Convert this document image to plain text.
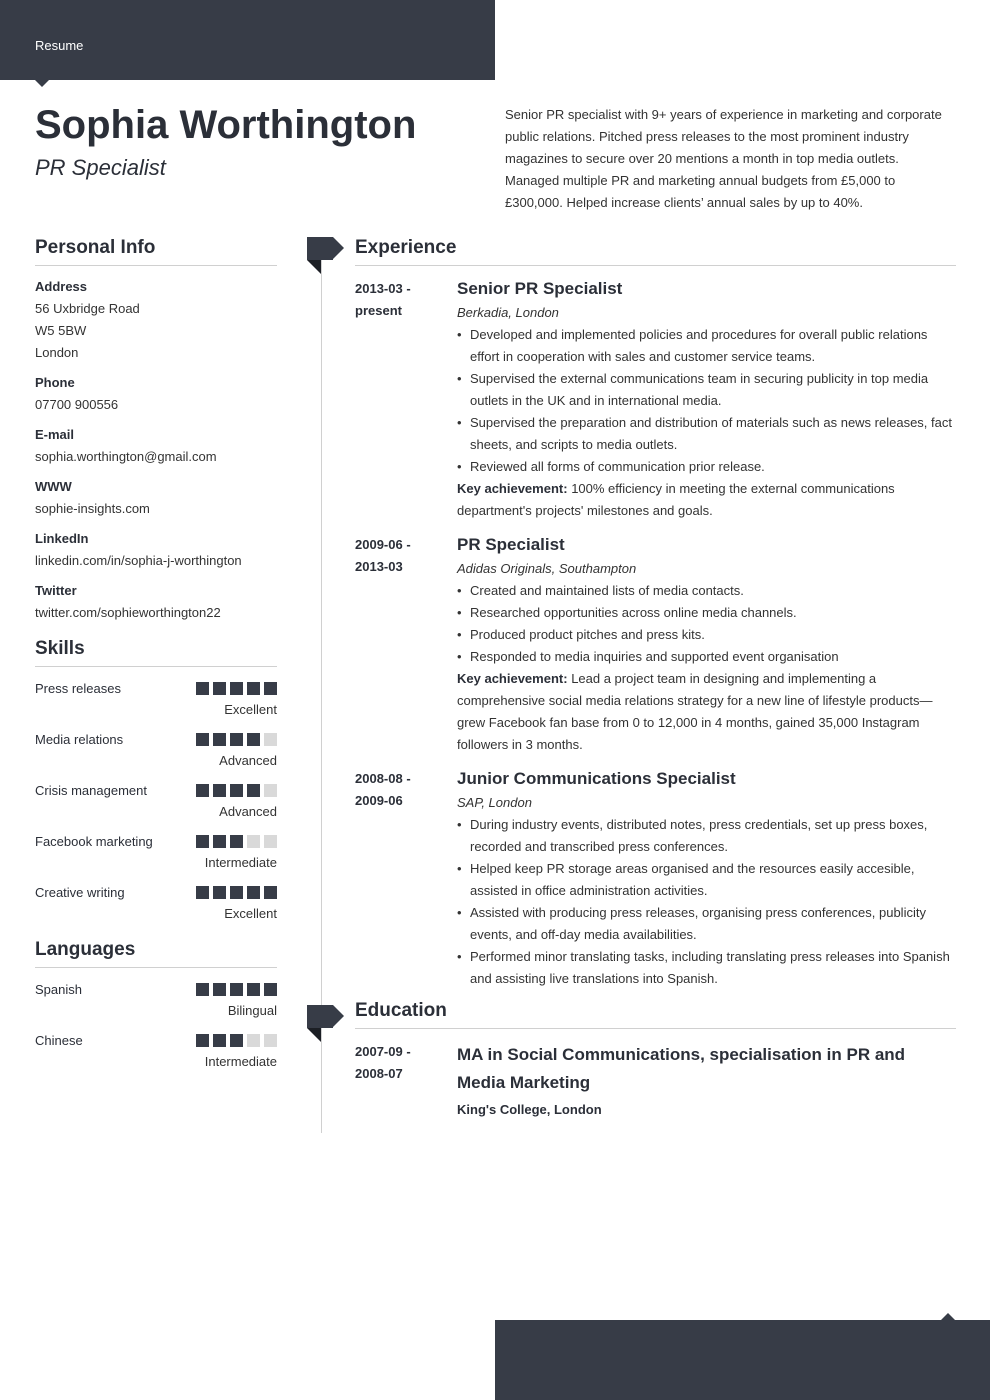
Resume
Sophia Worthington
PR Specialist
Senior PR specialist with 9+ years of experience in marketing and corporate public relations. Pitched press releases to the most prominent industry magazines to secure over 20 mentions a month in top media outlets. Managed multiple PR and marketing annual budgets from £5,000 to £300,000. Helped increase clients’ annual sales by up to 40%.
Personal Info
Address
56 Uxbridge Road
W5 5BW
London
Phone
07700 900556
E-mail
sophia.worthington@gmail.com
WWW
sophie-insights.com
LinkedIn
linkedin.com/in/sophia-j-worthington
Twitter
twitter.com/sophieworthington22
Skills
Press releases
Excellent
Media relations
Advanced
Crisis management
Advanced
Facebook marketing
Intermediate
Creative writing
Excellent
Languages
Spanish
Bilingual
Chinese
Intermediate
Experience
2013-03 -
present
Senior PR Specialist
Berkadia, London
• Developed and implemented policies and procedures for overall public relations effort in cooperation with sales and customer service teams.
• Supervised the external communications team in securing publicity in top media outlets in the UK and in international media.
• Supervised the preparation and distribution of materials such as news releases, fact sheets, and scripts to media outlets.
• Reviewed all forms of communication prior release.
Key achievement: 100% efficiency in meeting the external communications department's projects' milestones and goals.
2009-06 -
2013-03
PR Specialist
Adidas Originals, Southampton
• Created and maintained lists of media contacts.
• Researched opportunities across online media channels.
• Produced product pitches and press kits.
• Responded to media inquiries and supported event organisation
Key achievement: Lead a project team in designing and implementing a comprehensive social media relations strategy for a new line of lifestyle products—grew Facebook fan base from 0 to 12,000 in 4 months, gained 35,000 Instagram followers in 3 months.
2008-08 -
2009-06
Junior Communications Specialist
SAP, London
• During industry events, distributed notes, press credentials, set up press boxes, recorded and transcribed press conferences.
• Helped keep PR storage areas organised and the resources easily accesible, assisted in office administration activities.
• Assisted with producing press releases, organising press conferences, publicity events, and off-day media availabilities.
• Performed minor translating tasks, including translating press releases into Spanish and assisting live translations into Spanish.
Education
2007-09 -
2008-07
MA in Social Communications, specialisation in PR and Media Marketing
King's College, London
